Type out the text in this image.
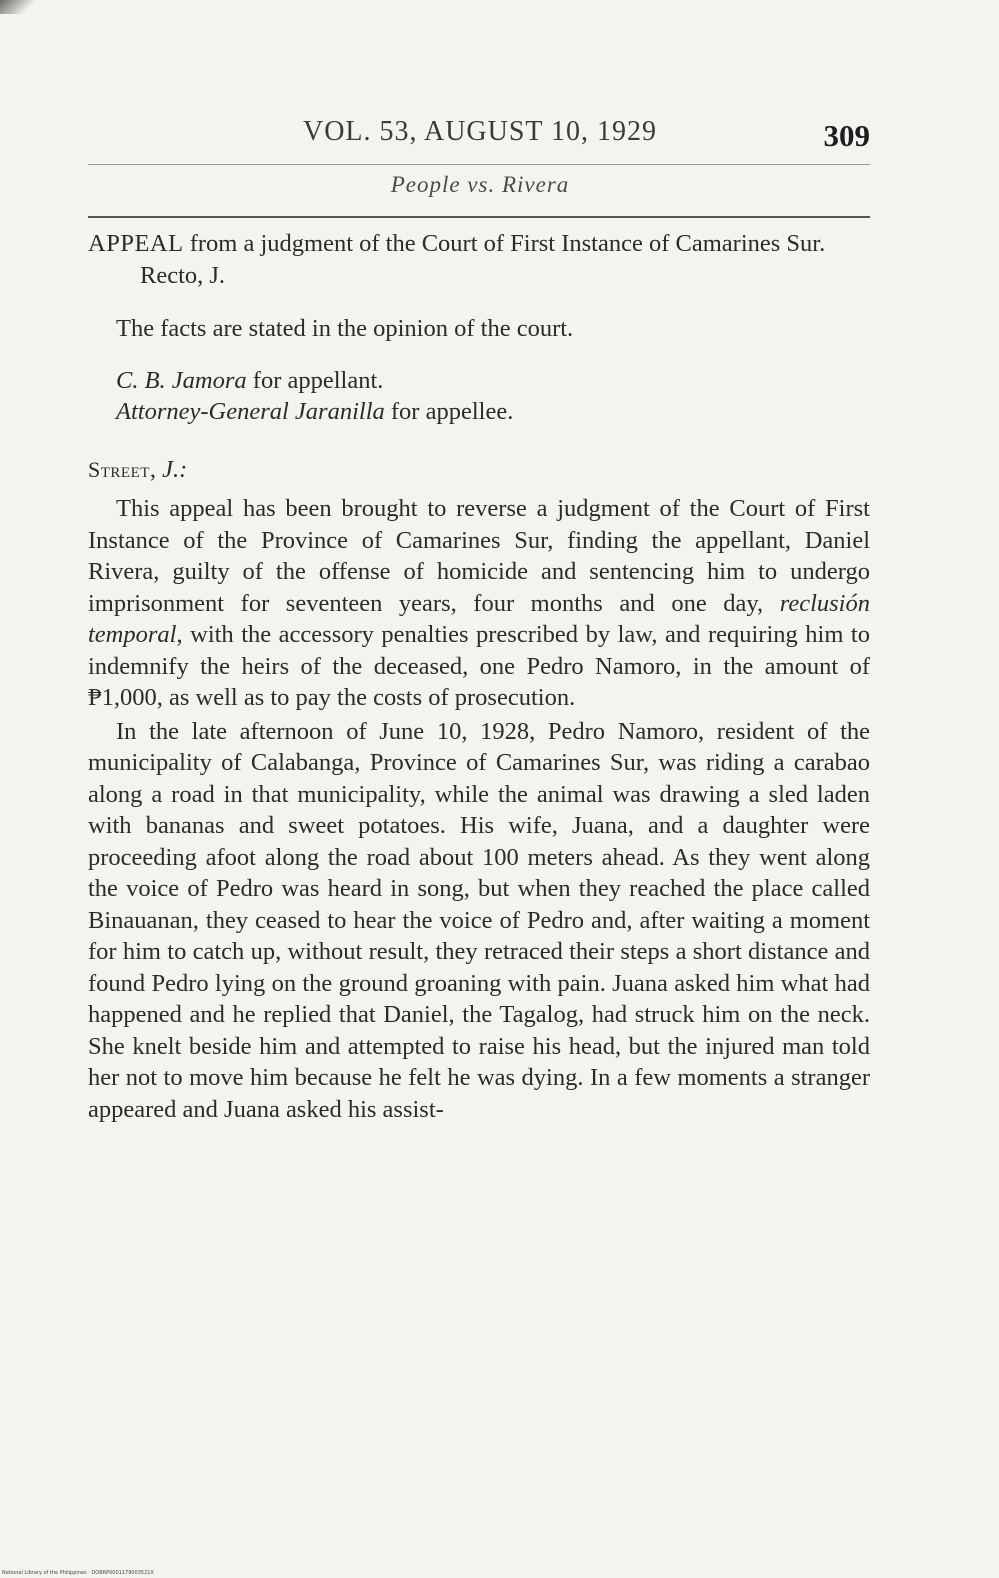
VOL. 53, AUGUST 10, 1929	309
People vs. Rivera

APPEAL from a judgment of the Court of First Instance of Camarines Sur. Recto, J.

The facts are stated in the opinion of the court.

C. B. Jamora for appellant.
Attorney-General Jaranilla for appellee.

Street, J.:

This appeal has been brought to reverse a judgment of the Court of First Instance of the Province of Camarines Sur, finding the appellant, Daniel Rivera, guilty of the offense of homicide and sentencing him to undergo imprisonment for seventeen years, four months and one day, reclusión temporal, with the accessory penalties prescribed by law, and requiring him to indemnify the heirs of the deceased, one Pedro Namoro, in the amount of ₱1,000, as well as to pay the costs of prosecution.

In the late afternoon of June 10, 1928, Pedro Namoro, resident of the municipality of Calabanga, Province of Camarines Sur, was riding a carabao along a road in that municipality, while the animal was drawing a sled laden with bananas and sweet potatoes. His wife, Juana, and a daughter were proceeding afoot along the road about 100 meters ahead. As they went along the voice of Pedro was heard in song, but when they reached the place called Binauanan, they ceased to hear the voice of Pedro and, after waiting a moment for him to catch up, without result, they retraced their steps a short distance and found Pedro lying on the ground groaning with pain. Juana asked him what had happened and he replied that Daniel, the Tagalog, had struck him on the neck. She knelt beside him and attempted to raise his head, but the injured man told her not to move him because he felt he was dying. In a few moments a stranger appeared and Juana asked his assist-

National Library of the Philippines · DOBRP0001179003521X
